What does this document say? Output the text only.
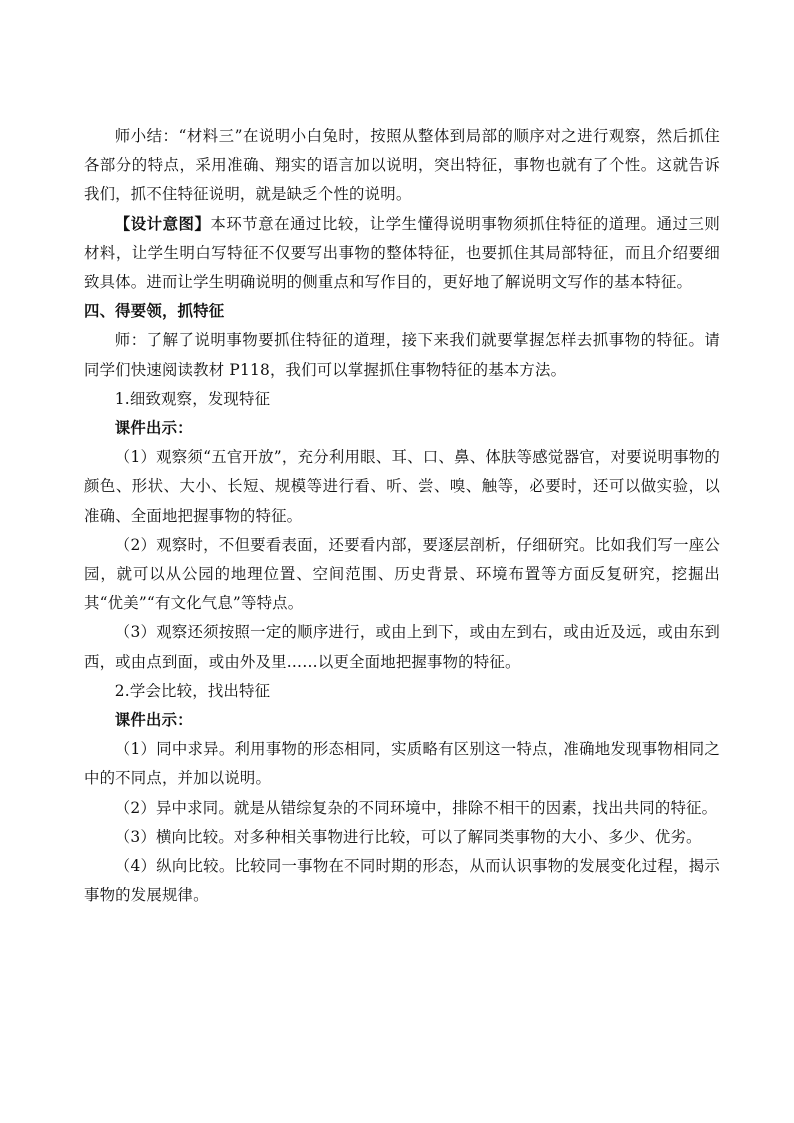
师小结：“材料三”在说明小白兔时，按照从整体到局部的顺序对之进行观察，然后抓住各部分的特点，采用准确、翔实的语言加以说明，突出特征，事物也就有了个性。这就告诉我们，抓不住特征说明，就是缺乏个性的说明。

【设计意图】本环节意在通过比较，让学生懂得说明事物须抓住特征的道理。通过三则材料，让学生明白写特征不仅要写出事物的整体特征，也要抓住其局部特征，而且介绍要细致具体。进而让学生明确说明的侧重点和写作目的，更好地了解说明文写作的基本特征。

四、得要领，抓特征

师：了解了说明事物要抓住特征的道理，接下来我们就要掌握怎样去抓事物的特征。请同学们快速阅读教材 P118，我们可以掌握抓住事物特征的基本方法。

1.细致观察，发现特征

课件出示：

（1）观察须“五官开放”，充分利用眼、耳、口、鼻、体肤等感觉器官，对要说明事物的颜色、形状、大小、长短、规模等进行看、听、尝、嗅、触等，必要时，还可以做实验，以准确、全面地把握事物的特征。

（2）观察时，不但要看表面，还要看内部，要逐层剖析，仔细研究。比如我们写一座公园，就可以从公园的地理位置、空间范围、历史背景、环境布置等方面反复研究，挖掘出其“优美”“有文化气息”等特点。

（3）观察还须按照一定的顺序进行，或由上到下，或由左到右，或由近及远，或由东到西，或由点到面，或由外及里……以更全面地把握事物的特征。

2.学会比较，找出特征

课件出示：

（1）同中求异。利用事物的形态相同，实质略有区别这一特点，准确地发现事物相同之中的不同点，并加以说明。

（2）异中求同。就是从错综复杂的不同环境中，排除不相干的因素，找出共同的特征。

（3）横向比较。对多种相关事物进行比较，可以了解同类事物的大小、多少、优劣。

（4）纵向比较。比较同一事物在不同时期的形态，从而认识事物的发展变化过程，揭示事物的发展规律。
